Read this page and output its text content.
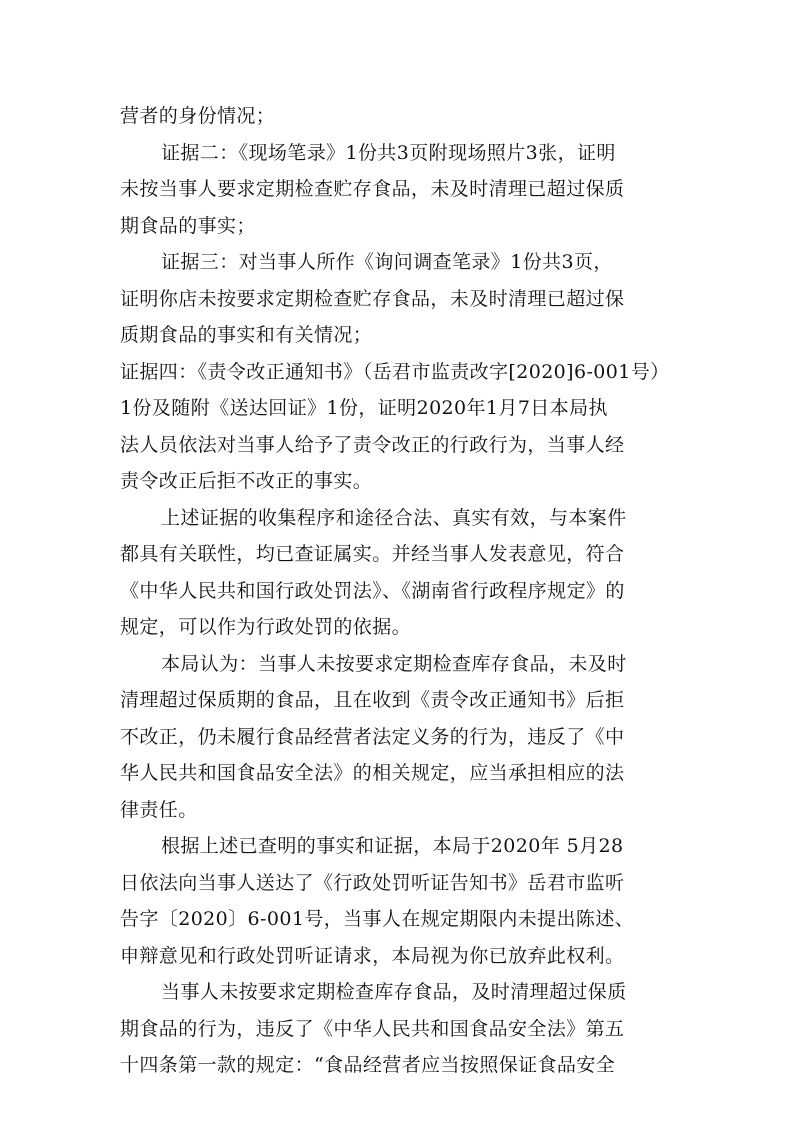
营者的身份情况；
证据二：《现场笔录》1份共3页附现场照片3张，证明
未按当事人要求定期检查贮存食品，未及时清理已超过保质
期食品的事实；
证据三：对当事人所作《询问调查笔录》1份共3页，
证明你店未按要求定期检查贮存食品，未及时清理已超过保
质期食品的事实和有关情况；
证据四：《责令改正通知书》（岳君市监责改字[2020]6-001号）
1份及随附《送达回证》1份，证明2020年1月7日本局执
法人员依法对当事人给予了责令改正的行政行为，当事人经
责令改正后拒不改正的事实。
上述证据的收集程序和途径合法、真实有效，与本案件
都具有关联性，均已查证属实。并经当事人发表意见，符合
《中华人民共和国行政处罚法》、《湖南省行政程序规定》的
规定，可以作为行政处罚的依据。
本局认为：当事人未按要求定期检查库存食品，未及时
清理超过保质期的食品，且在收到《责令改正通知书》后拒
不改正，仍未履行食品经营者法定义务的行为，违反了《中
华人民共和国食品安全法》的相关规定，应当承担相应的法
律责任。
根据上述已查明的事实和证据，本局于2020年 5月28
日依法向当事人送达了《行政处罚听证告知书》岳君市监听
告字〔2020〕6-001号，当事人在规定期限内未提出陈述、
申辩意见和行政处罚听证请求，本局视为你已放弃此权利。
当事人未按要求定期检查库存食品，及时清理超过保质
期食品的行为，违反了《中华人民共和国食品安全法》第五
十四条第一款的规定：“食品经营者应当按照保证食品安全
